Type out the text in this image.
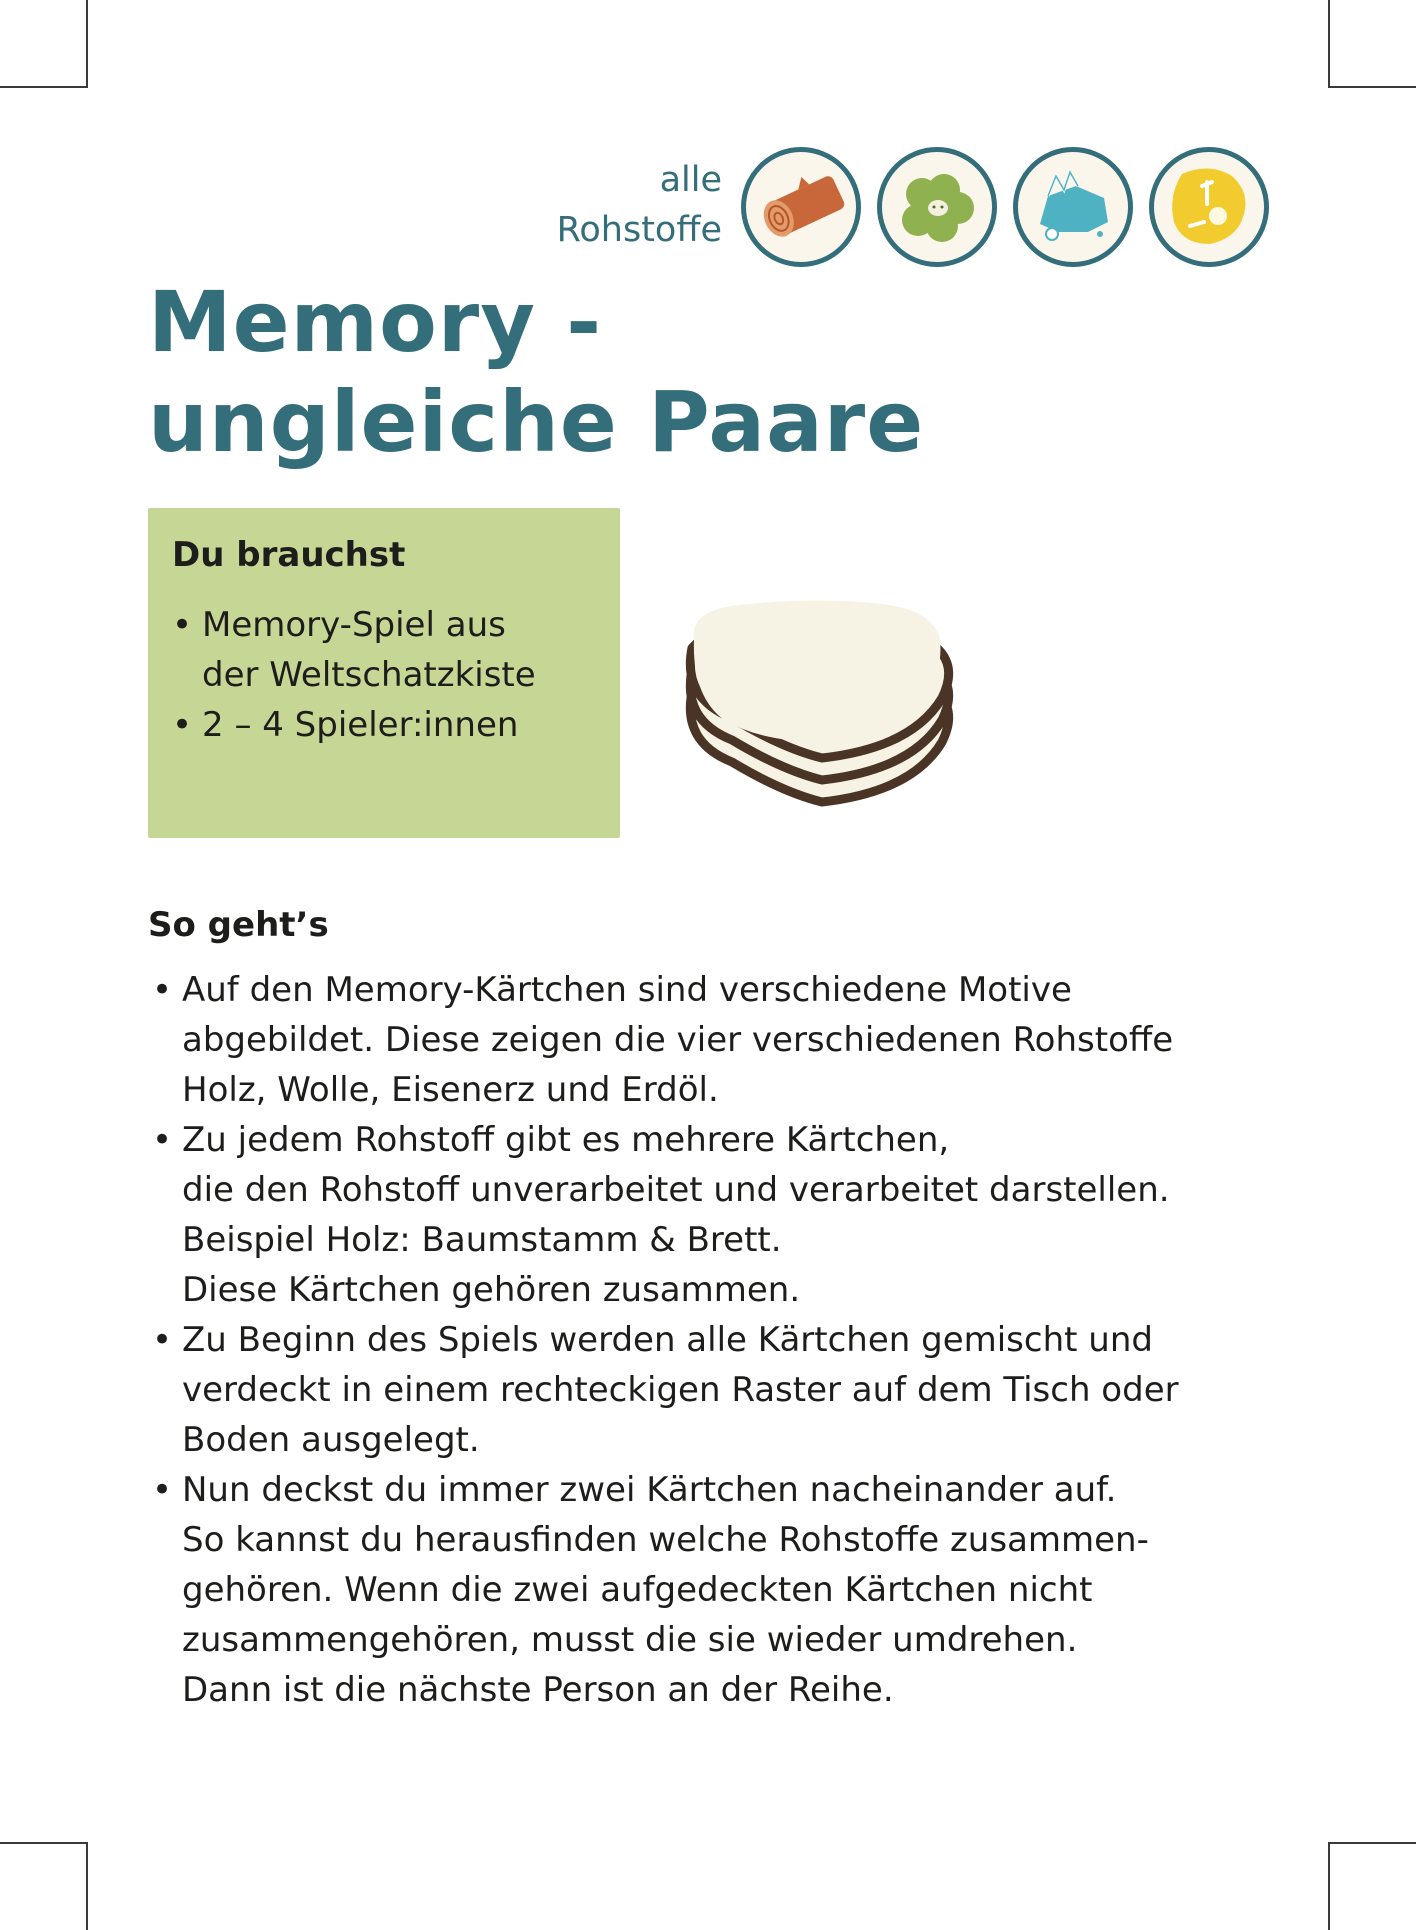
alle
Rohstoffe
Memory -
ungleiche Paare
Du brauchst
• Memory-Spiel aus
der Weltschatzkiste
• 2 – 4 Spieler:innen
So geht’s
• Auf den Memory-Kärtchen sind verschiedene Motive
abgebildet. Diese zeigen die vier verschiedenen Rohstoffe
Holz, Wolle, Eisenerz und Erdöl.
• Zu jedem Rohstoff gibt es mehrere Kärtchen,
die den Rohstoff unverarbeitet und verarbeitet darstellen.
Beispiel Holz: Baumstamm & Brett.
Diese Kärtchen gehören zusammen.
• Zu Beginn des Spiels werden alle Kärtchen gemischt und
verdeckt in einem rechteckigen Raster auf dem Tisch oder
Boden ausgelegt.
• Nun deckst du immer zwei Kärtchen nacheinander auf.
So kannst du herausfinden welche Rohstoffe zusammen-
gehören. Wenn die zwei aufgedeckten Kärtchen nicht
zusammengehören, musst die sie wieder umdrehen.
Dann ist die nächste Person an der Reihe.
